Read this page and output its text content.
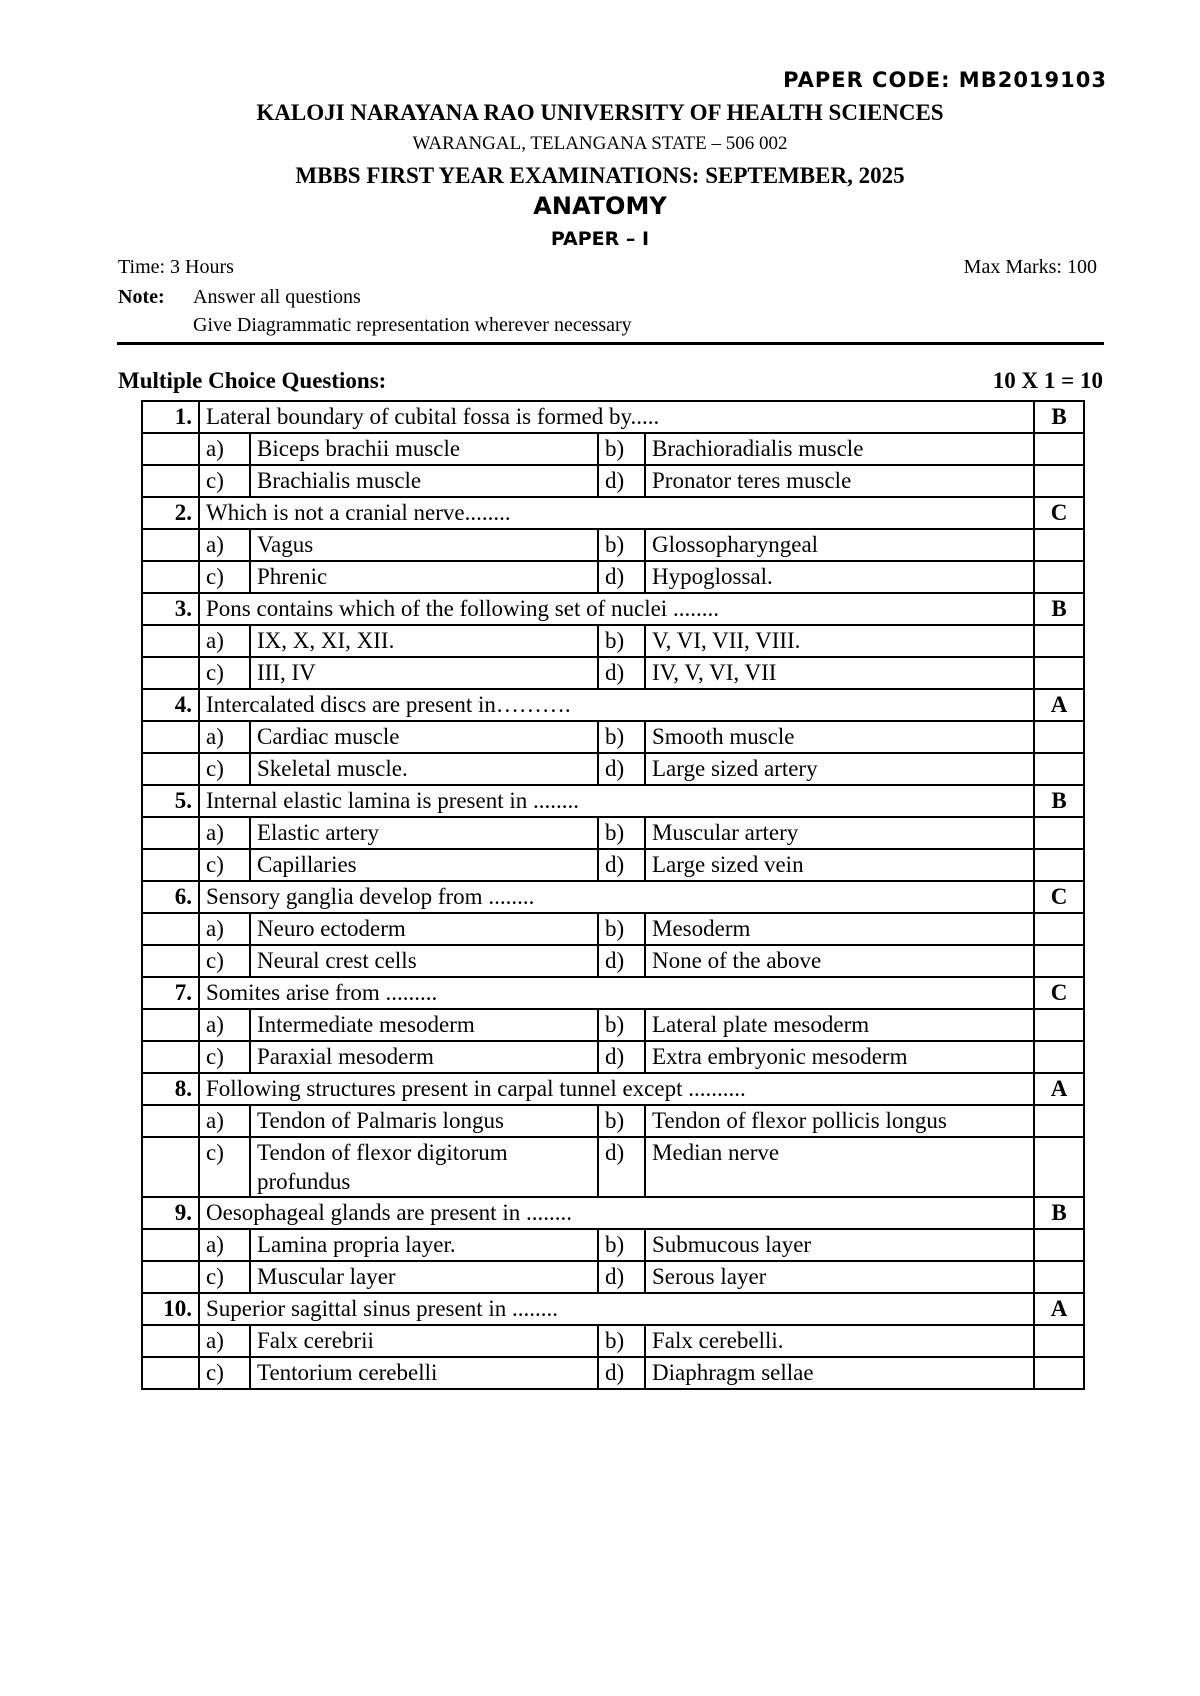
PAPER CODE: MB2019103
KALOJI NARAYANA RAO UNIVERSITY OF HEALTH SCIENCES
WARANGAL, TELANGANA STATE – 506 002
MBBS FIRST YEAR EXAMINATIONS: SEPTEMBER, 2025
ANATOMY
PAPER – I
Time: 3 Hours	Max Marks: 100
Note: Answer all questions
Give Diagrammatic representation wherever necessary
Multiple Choice Questions:	10 X 1 = 10
1.	Lateral boundary of cubital fossa is formed by.....				B
	a)	Biceps brachii muscle	b)	Brachioradialis muscle	
	c)	Brachialis muscle	d)	Pronator teres muscle	
2.	Which is not a cranial nerve........				C
	a)	Vagus	b)	Glossopharyngeal	
	c)	Phrenic	d)	Hypoglossal.	
3.	Pons contains which of the following set of nuclei ........				B
	a)	IX, X, XI, XII.	b)	V, VI, VII, VIII.	
	c)	III, IV	d)	IV, V, VI, VII	
4.	Intercalated discs are present in……….				A
	a)	Cardiac muscle	b)	Smooth muscle	
	c)	Skeletal muscle.	d)	Large sized artery	
5.	Internal elastic lamina is present in ........				B
	a)	Elastic artery	b)	Muscular artery	
	c)	Capillaries	d)	Large sized vein	
6.	Sensory ganglia develop from ........				C
	a)	Neuro ectoderm	b)	Mesoderm	
	c)	Neural crest cells	d)	None of the above	
7.	Somites arise from .........				C
	a)	Intermediate mesoderm	b)	Lateral plate mesoderm	
	c)	Paraxial mesoderm	d)	Extra embryonic mesoderm	
8.	Following structures present in carpal tunnel except ..........				A
	a)	Tendon of Palmaris longus	b)	Tendon of flexor pollicis longus	
	c)	Tendon of flexor digitorum profundus	d)	Median nerve	
9.	Oesophageal glands are present in ........				B
	a)	Lamina propria layer.	b)	Submucous layer	
	c)	Muscular layer	d)	Serous layer	
10.	Superior sagittal sinus present in ........				A
	a)	Falx cerebrii	b)	Falx cerebelli.	
	c)	Tentorium cerebelli	d)	Diaphragm sellae	
